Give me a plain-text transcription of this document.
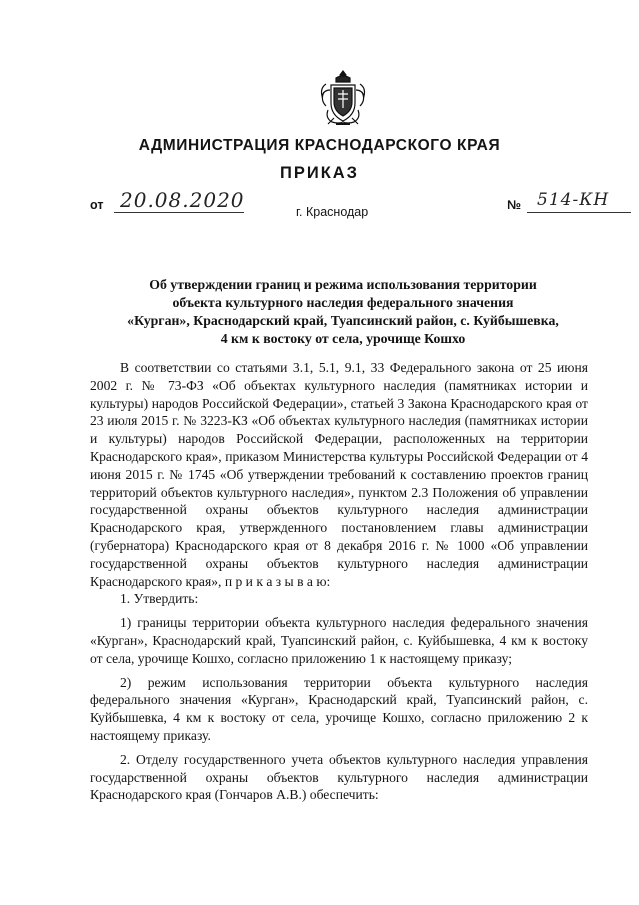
АДМИНИСТРАЦИЯ КРАСНОДАРСКОГО КРАЯ
ПРИКАЗ
от 20.08.2020	№ 514-КН
г. Краснодар
Об утверждении границ и режима использования территории
объекта культурного наследия федерального значения
«Курган», Краснодарский край, Туапсинский район, с. Куйбышевка,
4 км к востоку от села, урочище Кошхо

В соответствии со статьями 3.1, 5.1, 9.1, 33 Федерального закона от 25 июня 2002 г. № 73-ФЗ «Об объектах культурного наследия (памятниках истории и культуры) народов Российской Федерации», статьей 3 Закона Краснодарского края от 23 июля 2015 г. № 3223-КЗ «Об объектах культурного наследия (памятниках истории и культуры) народов Российской Федерации, расположенных на территории Краснодарского края», приказом Министерства культуры Российской Федерации от 4 июня 2015 г. № 1745 «Об утверждении требований к составлению проектов границ территорий объектов культурного наследия», пунктом 2.3 Положения об управлении государственной охраны объектов культурного наследия администрации Краснодарского края, утвержденного постановлением главы администрации (губернатора) Краснодарского края от 8 декабря 2016 г. № 1000 «Об управлении государственной охраны объектов культурного наследия администрации Краснодарского края», п р и к а з ы в а ю:

1. Утвердить:

1) границы территории объекта культурного наследия федерального значения «Курган», Краснодарский край, Туапсинский район, с. Куйбышевка, 4 км к востоку от села, урочище Кошхо, согласно приложению 1 к настоящему приказу;

2) режим использования территории объекта культурного наследия федерального значения «Курган», Краснодарский край, Туапсинский район, с. Куйбышевка, 4 км к востоку от села, урочище Кошхо, согласно приложению 2 к настоящему приказу.

2. Отделу государственного учета объектов культурного наследия управления государственной охраны объектов культурного наследия администрации Краснодарского края (Гончаров А.В.) обеспечить:
